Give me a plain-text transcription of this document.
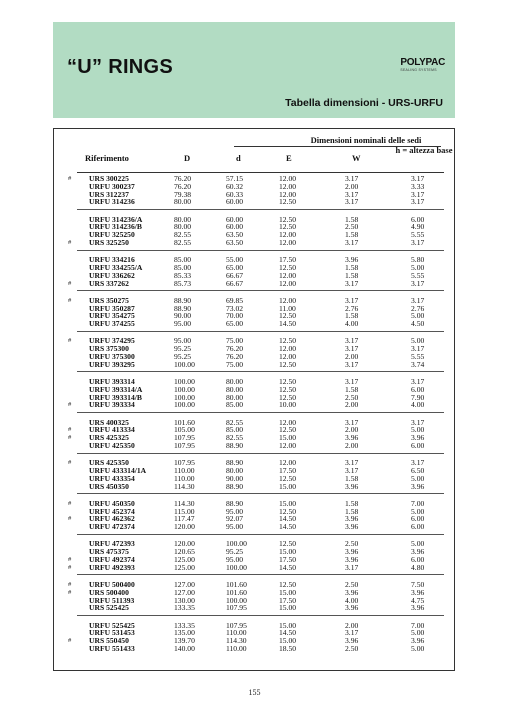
“U” RINGS	POLYPAC
SEALING SYSTEMS
Tabella dimensioni - URS-URFU
Dimensioni nominali delle sedi
Riferimento	D	d	E	W
h = altezza base
# URS 300225	76.20	57.15	12.00	3.17	3.17
URFU 300237	76.20	60.32	12.00	2.00	3.33
URS 312237	79.38	60.33	12.00	3.17	3.17
URFU 314236	80.00	60.00	12.50	3.17	3.17
URFU 314236/A	80.00	60.00	12.50	1.58	6.00
URFU 314236/B	80.00	60.00	12.50	2.50	4.90
URFU 325250	82.55	63.50	12.00	1.58	5.55
# URS 325250	82.55	63.50	12.00	3.17	3.17
URFU 334216	85.00	55.00	17.50	3.96	5.80
URFU 334255/A	85.00	65.00	12.50	1.58	5.00
URFU 336262	85.33	66.67	12.00	1.58	5.55
# URS 337262	85.73	66.67	12.00	3.17	3.17
# URS 350275	88.90	69.85	12.00	3.17	3.17
URFU 350287	88.90	73.02	11.00	2.76	2.76
URFU 354275	90.00	70.00	12.50	1.58	5.00
URFU 374255	95.00	65.00	14.50	4.00	4.50
# URFU 374295	95.00	75.00	12.50	3.17	5.00
URS 375300	95.25	76.20	12.00	3.17	3.17
URFU 375300	95.25	76.20	12.00	2.00	5.55
URFU 393295	100.00	75.00	12.50	3.17	3.74
URFU 393314	100.00	80.00	12.50	3.17	3.17
URFU 393314/A	100.00	80.00	12.50	1.58	6.00
URFU 393314/B	100.00	80.00	12.50	2.50	7.90
# URFU 393334	100.00	85.00	10.00	2.00	4.00
URS 400325	101.60	82.55	12.00	3.17	3.17
# URFU 413334	105.00	85.00	12.50	2.00	5.00
# URS 425325	107.95	82.55	15.00	3.96	3.96
URFU 425350	107.95	88.90	12.00	2.00	6.00
# URS 425350	107.95	88.90	12.00	3.17	3.17
URFU 433314/1A	110.00	80.00	17.50	3.17	6.50
URFU 433354	110.00	90.00	12.50	1.58	5.00
URS 450350	114.30	88.90	15.00	3.96	3.96
# URFU 450350	114.30	88.90	15.00	1.58	7.00
URFU 452374	115.00	95.00	12.50	1.58	5.00
# URFU 462362	117.47	92.07	14.50	3.96	6.00
URFU 472374	120.00	95.00	14.50	3.96	6.00
URFU 472393	120.00	100.00	12.50	2.50	5.00
URS 475375	120.65	95.25	15.00	3.96	3.96
# URFU 492374	125.00	95.00	17.50	3.96	6.00
# URFU 492393	125.00	100.00	14.50	3.17	4.80
# URFU 500400	127.00	101.60	12.50	2.50	7.50
# URS 500400	127.00	101.60	15.00	3.96	3.96
URFU 511393	130.00	100.00	17.50	4.00	4.75
URS 525425	133.35	107.95	15.00	3.96	3.96
URFU 525425	133.35	107.95	15.00	2.00	7.00
URFU 531453	135.00	110.00	14.50	3.17	5.00
# URS 550450	139.70	114.30	15.00	3.96	3.96
URFU 551433	140.00	110.00	18.50	2.50	5.00
155
